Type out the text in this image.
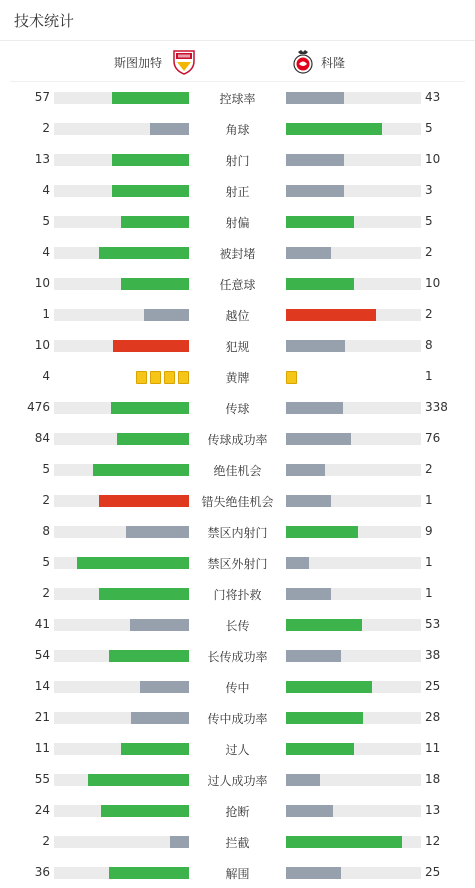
技术统计
斯图加特	科隆
57	控球率	43
2	角球	5
13	射门	10
4	射正	3
5	射偏	5
4	被封堵	2
10	任意球	10
1	越位	2
10	犯规	8
4	黄牌	1
476	传球	338
84	传球成功率	76
5	绝佳机会	2
2	错失绝佳机会	1
8	禁区内射门	9
5	禁区外射门	1
2	门将扑救	1
41	长传	53
54	长传成功率	38
14	传中	25
21	传中成功率	28
11	过人	11
55	过人成功率	18
24	抢断	13
2	拦截	12
36	解围	25
